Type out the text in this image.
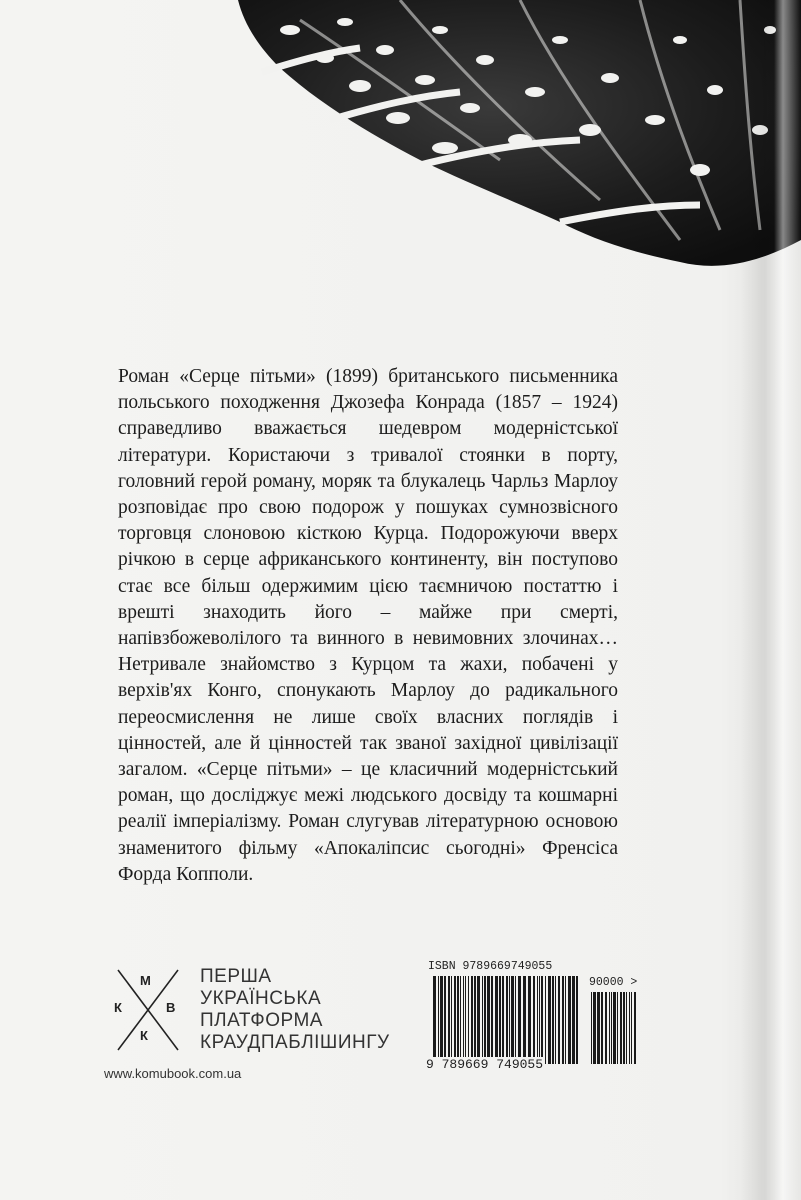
Роман «Серце пітьми» (1899) британського письменника польського походження Джозефа Конрада (1857 – 1924) справедливо вважається шедевром модерністської літератури. Користаючи з тривалої стоянки в порту, головний герой роману, моряк та блукалець Чарльз Марлоу розповідає про свою подорож у пошуках сумнозвісного торговця слоновою кісткою Курца. Подорожуючи вверх річкою в серце африканського континенту, він поступово стає все більш одержимим цією таємничою постаттю і врешті знаходить його – майже при смерті, напівзбожеволілого та винного в невимовних злочинах… Нетривале знайомство з Курцом та жахи, побачені у верхів'ях Конго, спонукають Марлоу до радикального переосмислення не лише своїх власних поглядів і цінностей, але й цінностей так званої західної цивілізації загалом. «Серце пітьми» – це класичний модерністський роман, що досліджує межі людського досвіду та кошмарні реалії імперіалізму. Роман слугував літературною основою знаменитого фільму «Апокаліпсис сьогодні» Френсіса Форда Копполи.

М
К	В
К
ПЕРША
УКРАЇНСЬКА
ПЛАТФОРМА
КРАУДПАБЛІШИНГУ
www.komubook.com.ua
ISBN 9789669749055
90000 >
9 789669 749055
